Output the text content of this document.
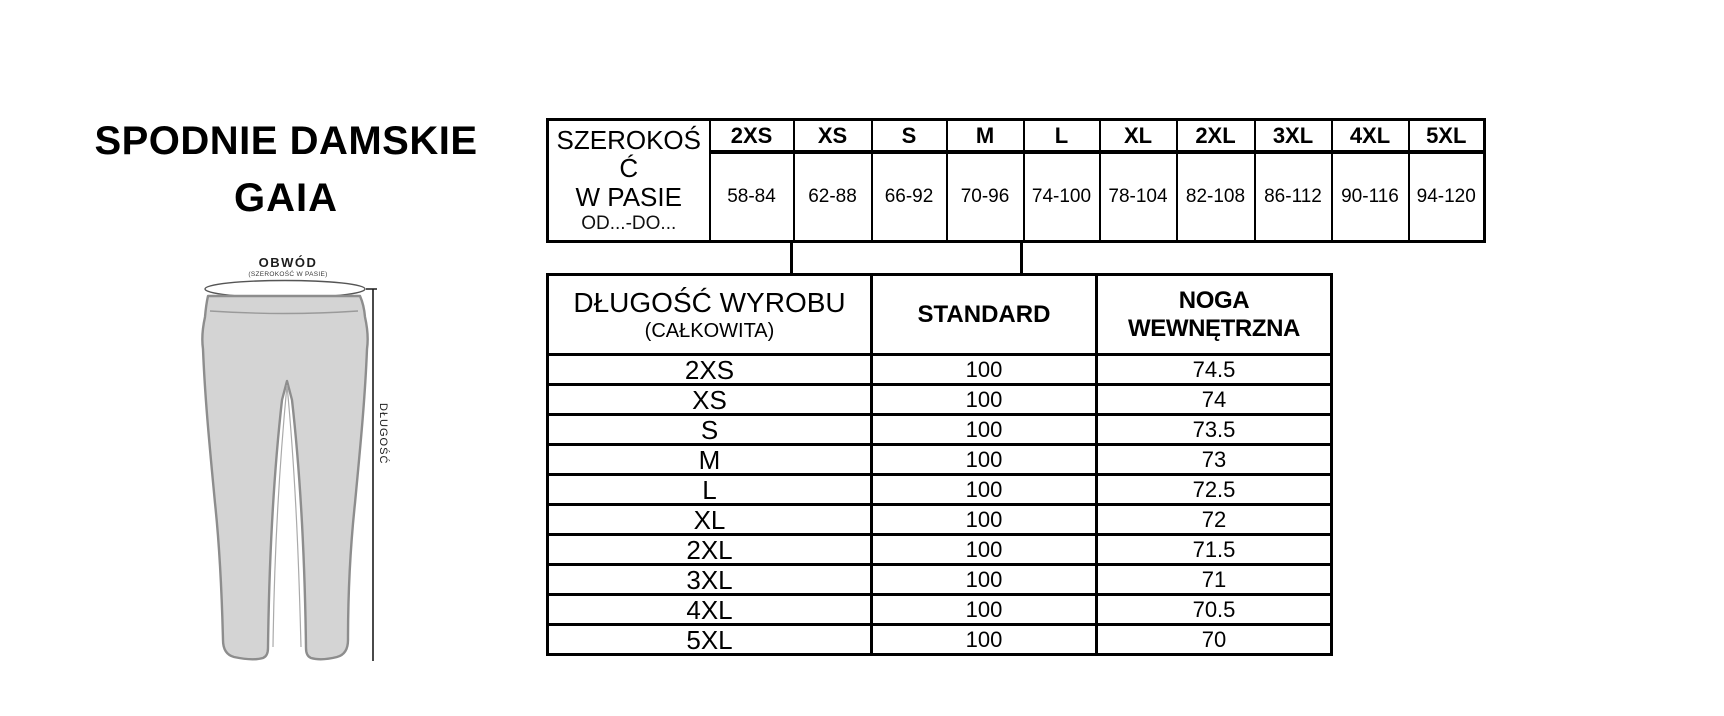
SPODNIE DAMSKIE
GAIA
OBWÓD
(SZEROKOŚĆ W PASIE)
DŁUGOŚĆ
SZEROKOŚĆ
W PASIE
OD...-DO...	2XS	XS	S	M	L	XL	2XL	3XL	4XL	5XL
	58-84	62-88	66-92	70-96	74-100	78-104	82-108	86-112	90-116	94-120
DŁUGOŚĆ WYROBU
(CAŁKOWITA)	STANDARD	NOGA WEWNĘTRZNA
2XS	100	74.5
XS	100	74
S	100	73.5
M	100	73
L	100	72.5
XL	100	72
2XL	100	71.5
3XL	100	71
4XL	100	70.5
5XL	100	70
